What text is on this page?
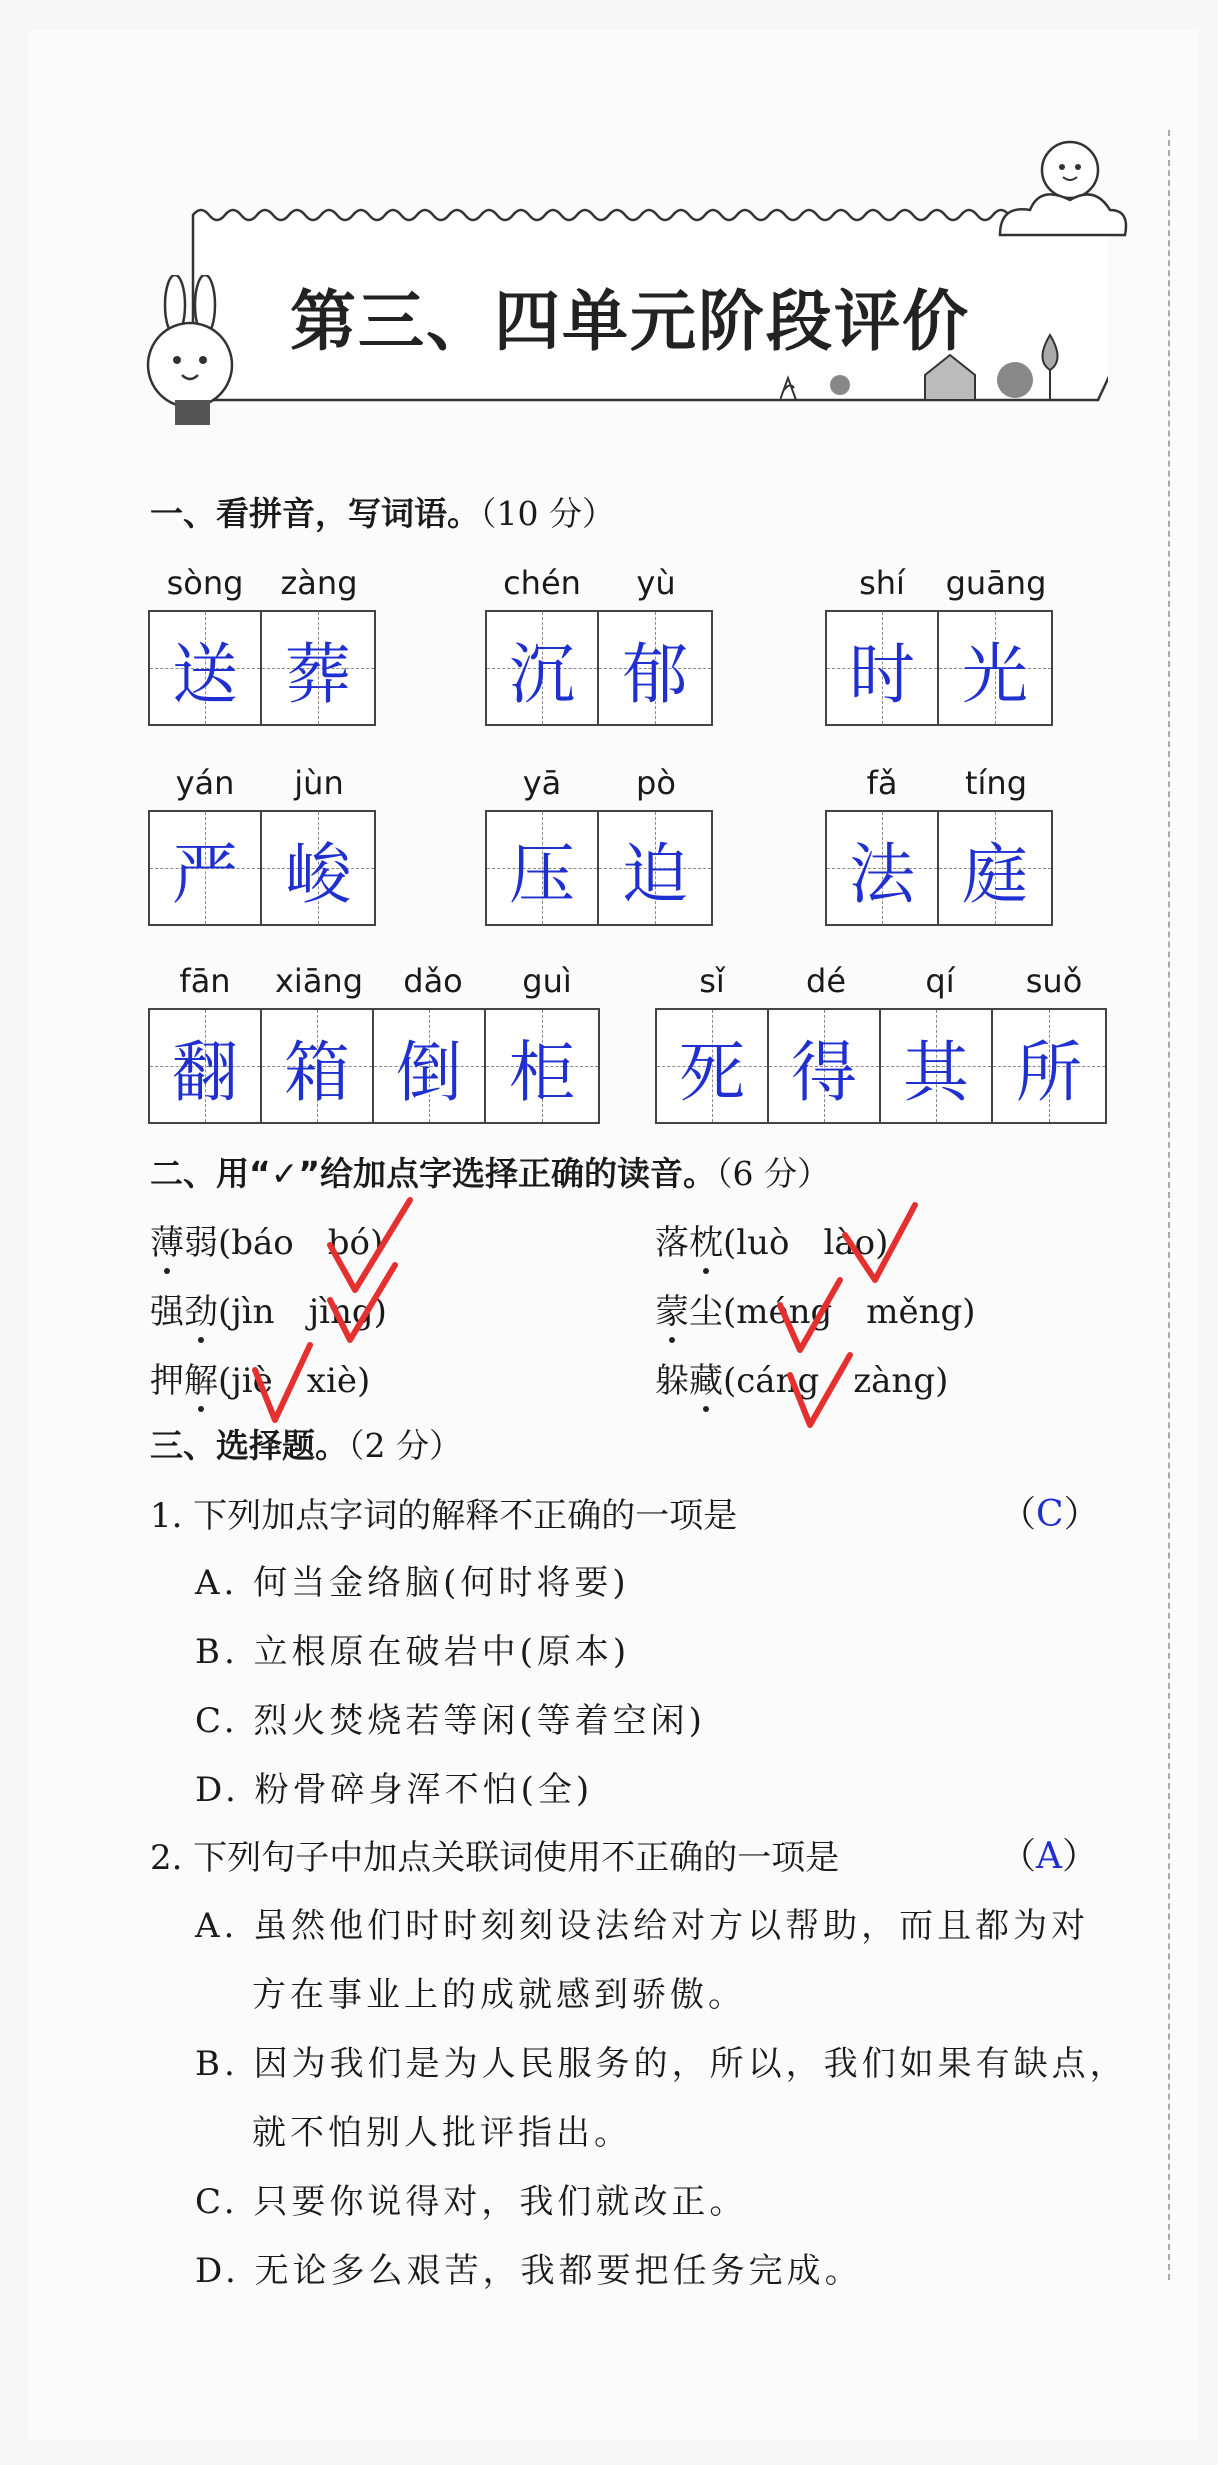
第三、四单元阶段评价
一、看拼音，写词语。（10 分）
sòng	zàng
送 葬
chén	yù
沉 郁
shí	guāng
时 光
yán	jùn
严 峻
yā	pò
压 迫
fǎ	tíng
法 庭
fān	xiāng	dǎo	guì
翻 箱 倒 柜
sǐ	dé	qí	suǒ
死 得 其 所
二、用“✓”给加点字选择正确的读音。（6 分）
薄弱(báo　bó)	落枕(luò　lào)
强劲(jìn　jìng)	蒙尘(méng　měng)
押解(jiè　xiè)	躲藏(cáng　zàng)
三、选择题。（2 分）
1. 下列加点字词的解释不正确的一项是	（C）
A. 何当金络脑(何时将要)
B. 立根原在破岩中(原本)
C. 烈火焚烧若等闲(等着空闲)
D. 粉骨碎身浑不怕(全)
2. 下列句子中加点关联词使用不正确的一项是	（A）
A. 虽然他们时时刻刻设法给对方以帮助，而且都为对
方在事业上的成就感到骄傲。
B. 因为我们是为人民服务的，所以，我们如果有缺点，
就不怕别人批评指出。
C. 只要你说得对，我们就改正。
D. 无论多么艰苦，我都要把任务完成。
